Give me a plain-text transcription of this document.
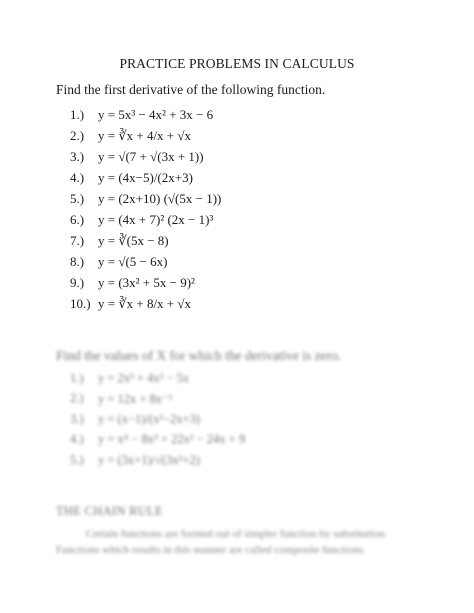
PRACTICE PROBLEMS IN CALCULUS
Find the first derivative of the following function.
1.)	y = 5x³ − 4x² + 3x − 6
2.)	y = ∛x + 4/x + √x
3.)	y = √(7 + √(3x + 1))
4.)	y = (4x−5)/(2x+3)
5.)	y = (2x+10) (√(5x − 1))
6.)	y = (4x + 7)² (2x − 1)³
7.)	y = ∛(5x − 8)
8.)	y = √(5 − 6x)
9.)	y = (3x² + 5x − 9)²
10.) y = ∛x + 8/x + √x
Find the values of X for which the derivative is zero.
1.)	y = 2x³ + 4x² − 5x
2.)	y = 12x + 8x⁻¹
3.)	y = (x−1)/(x²−2x+3)
4.)	y = x⁴ − 8x³ + 22x² − 24x + 9
5.)	y = (3x+1)/√(3x²+2)
THE CHAIN RULE
Certain functions are formed out of simpler function by substitution. Functions which results in this manner are called composite functions.
